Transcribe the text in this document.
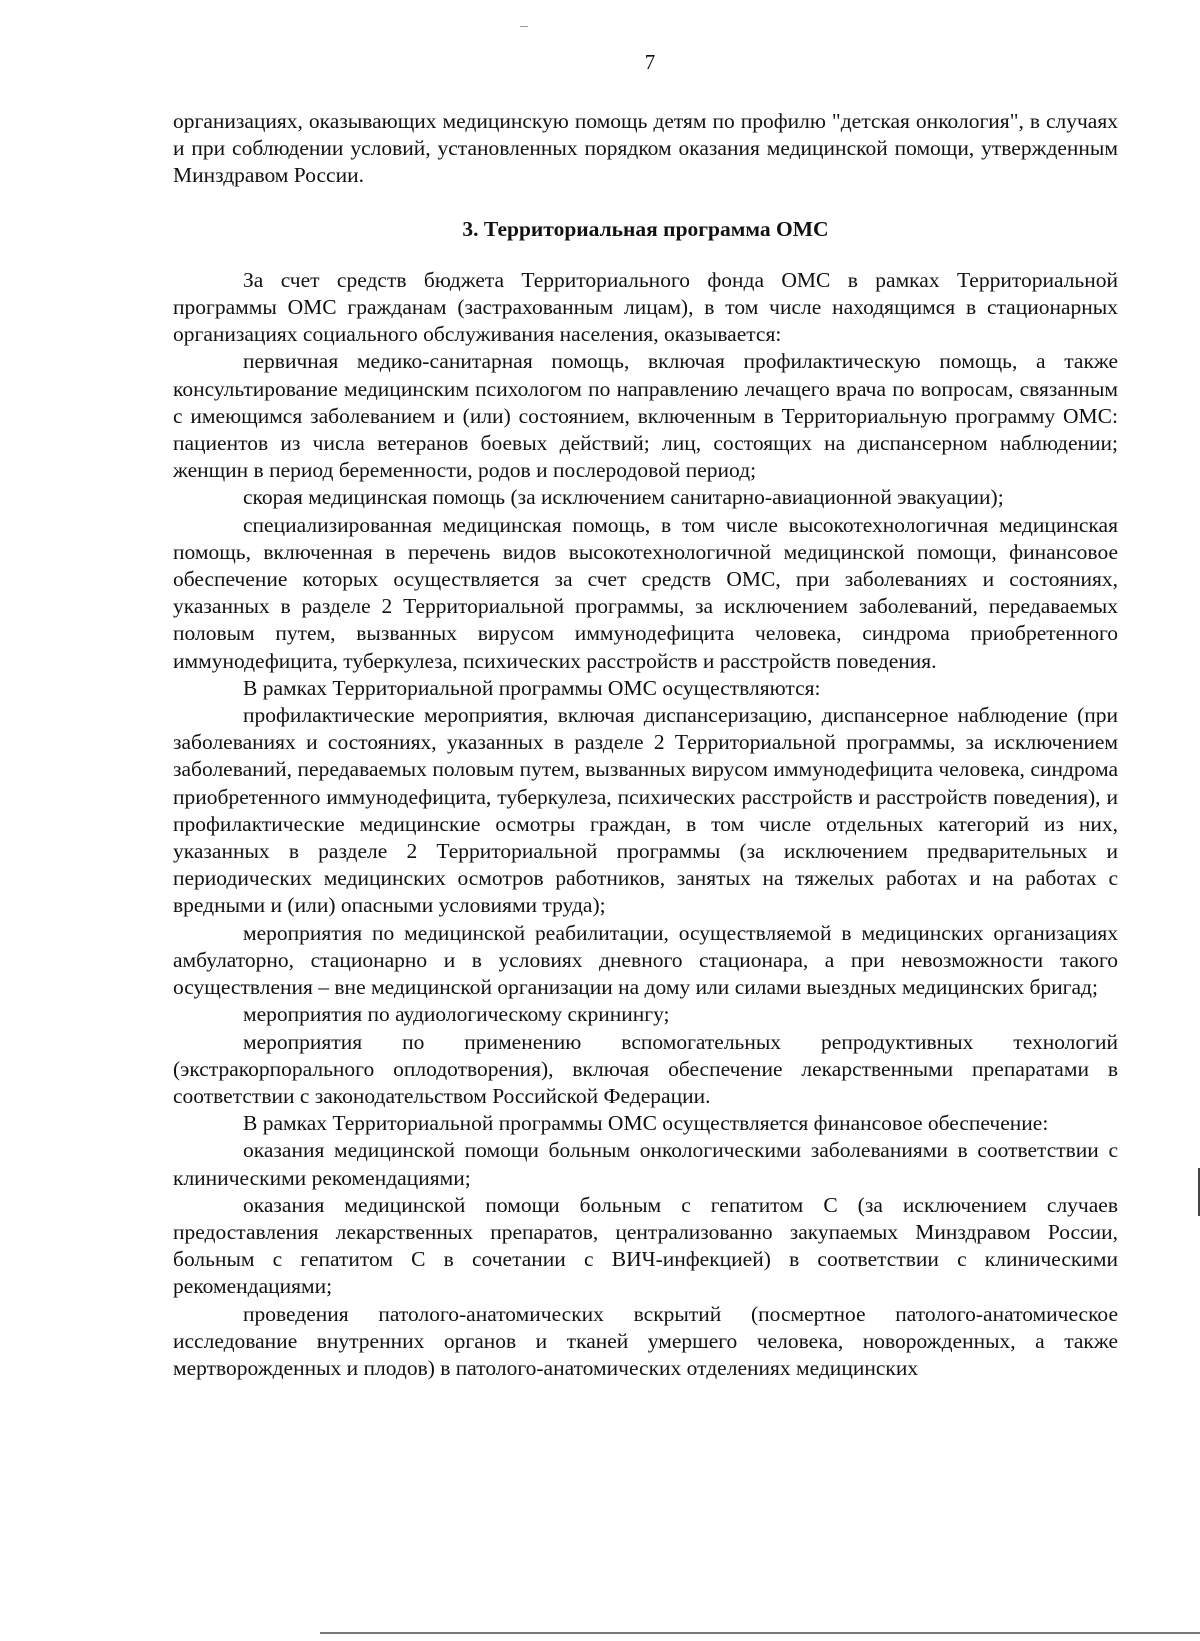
7

организациях, оказывающих медицинскую помощь детям по профилю "детская онкология", в случаях и при соблюдении условий, установленных порядком оказания медицинской помощи, утвержденным Минздравом России.

3. Территориальная программа ОМС

За счет средств бюджета Территориального фонда ОМС в рамках Территориальной программы ОМС гражданам (застрахованным лицам), в том числе находящимся в стационарных организациях социального обслуживания населения, оказывается:

первичная медико-санитарная помощь, включая профилактическую помощь, а также консультирование медицинским психологом по направлению лечащего врача по вопросам, связанным с имеющимся заболеванием и (или) состоянием, включенным в Территориальную программу ОМС: пациентов из числа ветеранов боевых действий; лиц, состоящих на диспансерном наблюдении; женщин в период беременности, родов и послеродовой период;

скорая медицинская помощь (за исключением санитарно-авиационной эвакуации);

специализированная медицинская помощь, в том числе высокотехнологичная медицинская помощь, включенная в перечень видов высокотехнологичной медицинской помощи, финансовое обеспечение которых осуществляется за счет средств ОМС, при заболеваниях и состояниях, указанных в разделе 2 Территориальной программы, за исключением заболеваний, передаваемых половым путем, вызванных вирусом иммунодефицита человека, синдрома приобретенного иммунодефицита, туберкулеза, психических расстройств и расстройств поведения.

В рамках Территориальной программы ОМС осуществляются:

профилактические мероприятия, включая диспансеризацию, диспансерное наблюдение (при заболеваниях и состояниях, указанных в разделе 2 Территориальной программы, за исключением заболеваний, передаваемых половым путем, вызванных вирусом иммунодефицита человека, синдрома приобретенного иммунодефицита, туберкулеза, психических расстройств и расстройств поведения), и профилактические медицинские осмотры граждан, в том числе отдельных категорий из них, указанных в разделе 2 Территориальной программы (за исключением предварительных и периодических медицинских осмотров работников, занятых на тяжелых работах и на работах с вредными и (или) опасными условиями труда);

мероприятия по медицинской реабилитации, осуществляемой в медицинских организациях амбулаторно, стационарно и в условиях дневного стационара, а при невозможности такого осуществления – вне медицинской организации на дому или силами выездных медицинских бригад;

мероприятия по аудиологическому скринингу;

мероприятия по применению вспомогательных репродуктивных технологий (экстракорпорального оплодотворения), включая обеспечение лекарственными препаратами в соответствии с законодательством Российской Федерации.

В рамках Территориальной программы ОМС осуществляется финансовое обеспечение:

оказания медицинской помощи больным онкологическими заболеваниями в соответствии с клиническими рекомендациями;

оказания медицинской помощи больным с гепатитом С (за исключением случаев предоставления лекарственных препаратов, централизованно закупаемых Минздравом России, больным с гепатитом С в сочетании с ВИЧ-инфекцией) в соответствии с клиническими рекомендациями;

проведения патолого-анатомических вскрытий (посмертное патолого-анатомическое исследование внутренних органов и тканей умершего человека, новорожденных, а также мертворожденных и плодов) в патолого-анатомических отделениях медицинских
